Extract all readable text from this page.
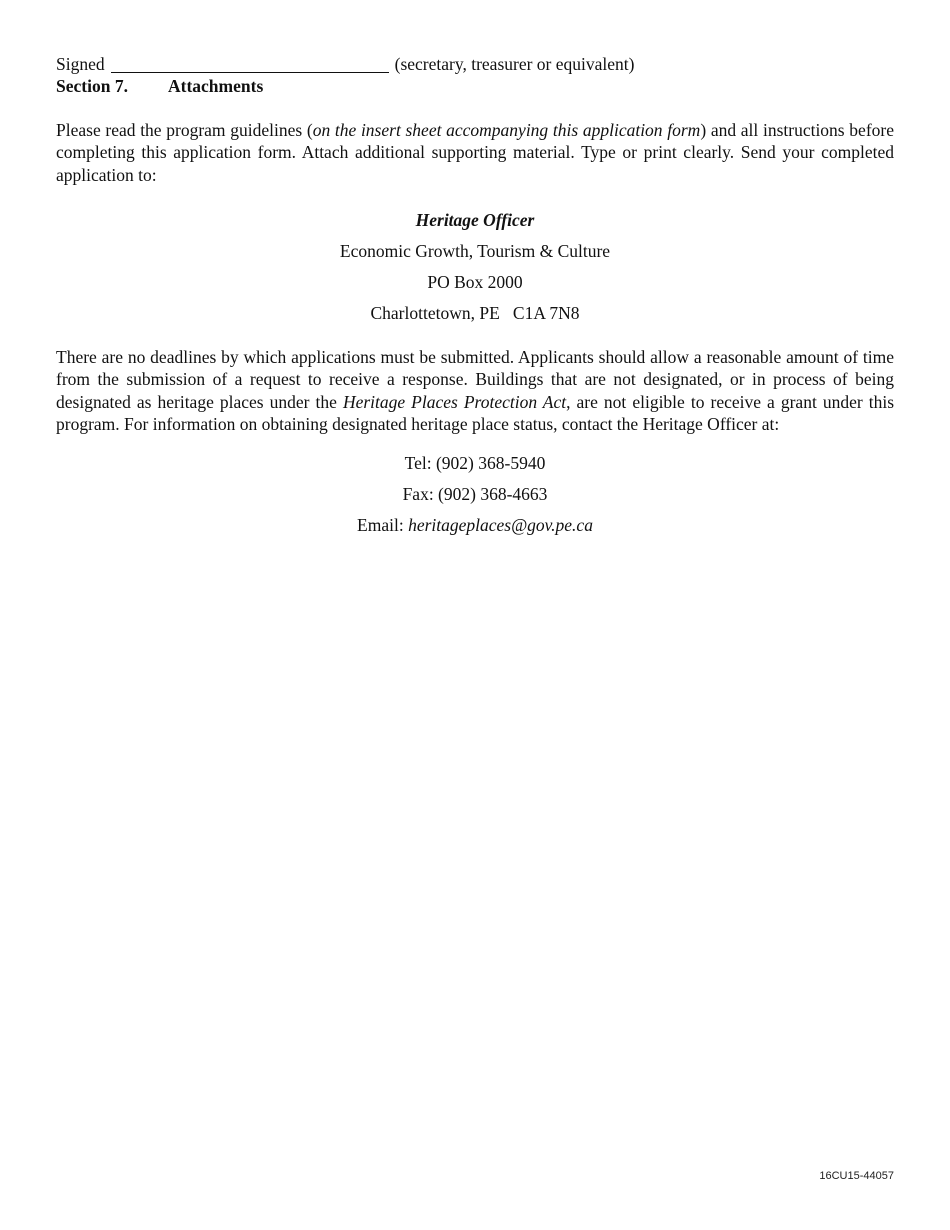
Signed	(secretary, treasurer or equivalent)
Section 7. Attachments

Please read the program guidelines (on the insert sheet accompanying this application form) and all instructions before completing this application form. Attach additional supporting material. Type or print clearly. Send your completed application to:

Heritage Officer
Economic Growth, Tourism & Culture
PO Box 2000
Charlottetown, PE   C1A 7N8

There are no deadlines by which applications must be submitted. Applicants should allow a reasonable amount of time from the submission of a request to receive a response. Buildings that are not designated, or in process of being designated as heritage places under the Heritage Places Protection Act, are not eligible to receive a grant under this program. For information on obtaining designated heritage place status, contact the Heritage Officer at:

Tel: (902) 368-5940
Fax: (902) 368-4663
Email: heritageplaces@gov.pe.ca
16CU15-44057
